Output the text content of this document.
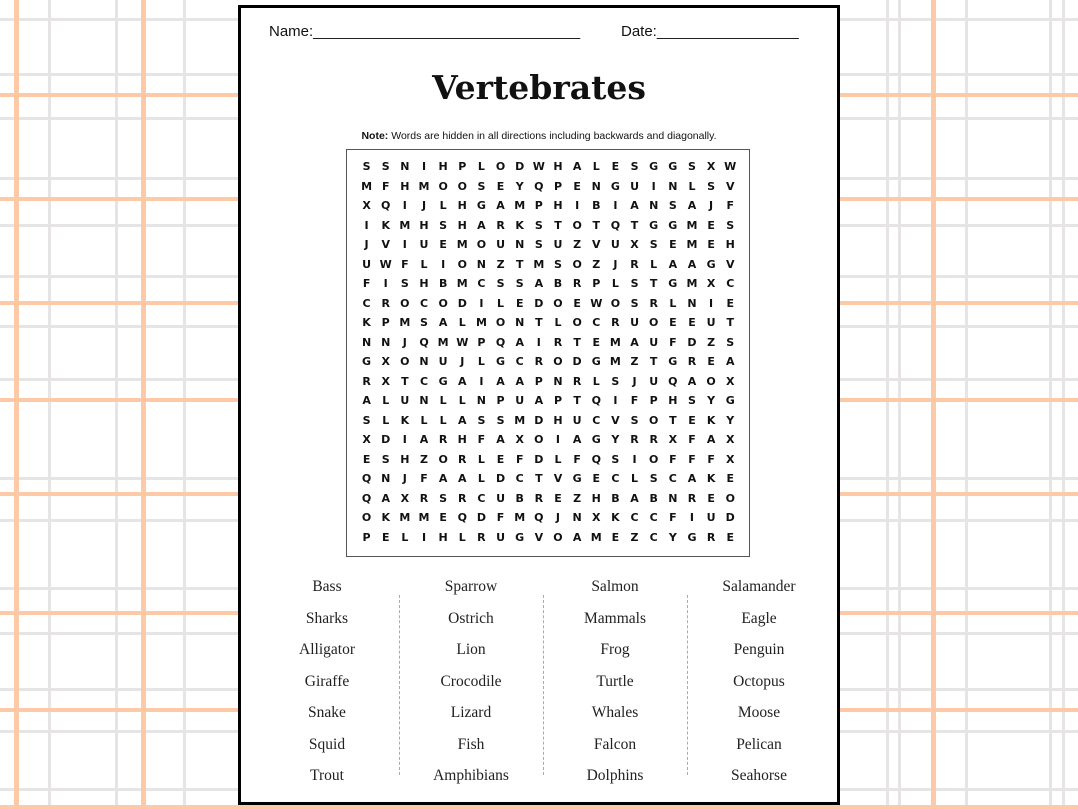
Name:________________________________	Date:_________________
Vertebrates
Note: Words are hidden in all directions including backwards and diagonally.
S	S N	I	H P	L O D W H A	L	E	S G G S X W
M F H M O O S	E	Y Q P	E N G U	I	N	L	S V
X Q	I	J	L	H G A M P H	I	B	I	A N S A	J	F
I	K M H S H A R K S	T O T Q T G G M E	S
J	V	I	U E M O U N S U Z V U X S	E M E H
U W F	L	I	O N Z	T M S O Z	J	R	L	A A G V
F	I	S H B M C	S	S A B R P	L	S	T G M X C
C R O C O D	I	L	E D O E W O S R	L	N	I	E
K P M S A	L M O N T	L O C R U O E	E U T
N N	J	Q M W P Q A	I	R	T	E M A U F D Z	S
G X O N U	J	L	G C R O D G M Z	T G R	E	A
R X	T	C G A	I	A A P N R	L	S	J	U Q A O X
A	L	U N	L	L	N P U A P	T Q	I	F	P H S	Y G
S	L	K	L	L	A S	S M D H U C V S O T	E	K Y
X D	I	A R H F	A X O	I	A G Y R R X	F	A X
E	S H Z O R	L	E	F D	L	F Q S	I	O F	F	F	X
Q N	J	F	A A	L	D C	T	V G E	C	L	S	C A K	E
Q A X R S R C U B R	E	Z H B A B N R	E O
O K M M E Q D F M Q	J	N X K C	C	F	I	U D
P	E	L	I	H	L	R U G V O A M E	Z	C	Y G R	E
Bass
Sharks
Alligator
Giraffe
Snake
Squid
Trout
Sparrow
Ostrich
Lion
Crocodile
Lizard
Fish
Amphibians
Salmon
Mammals
Frog
Turtle
Whales
Falcon
Dolphins
Salamander
Eagle
Penguin
Octopus
Moose
Pelican
Seahorse
